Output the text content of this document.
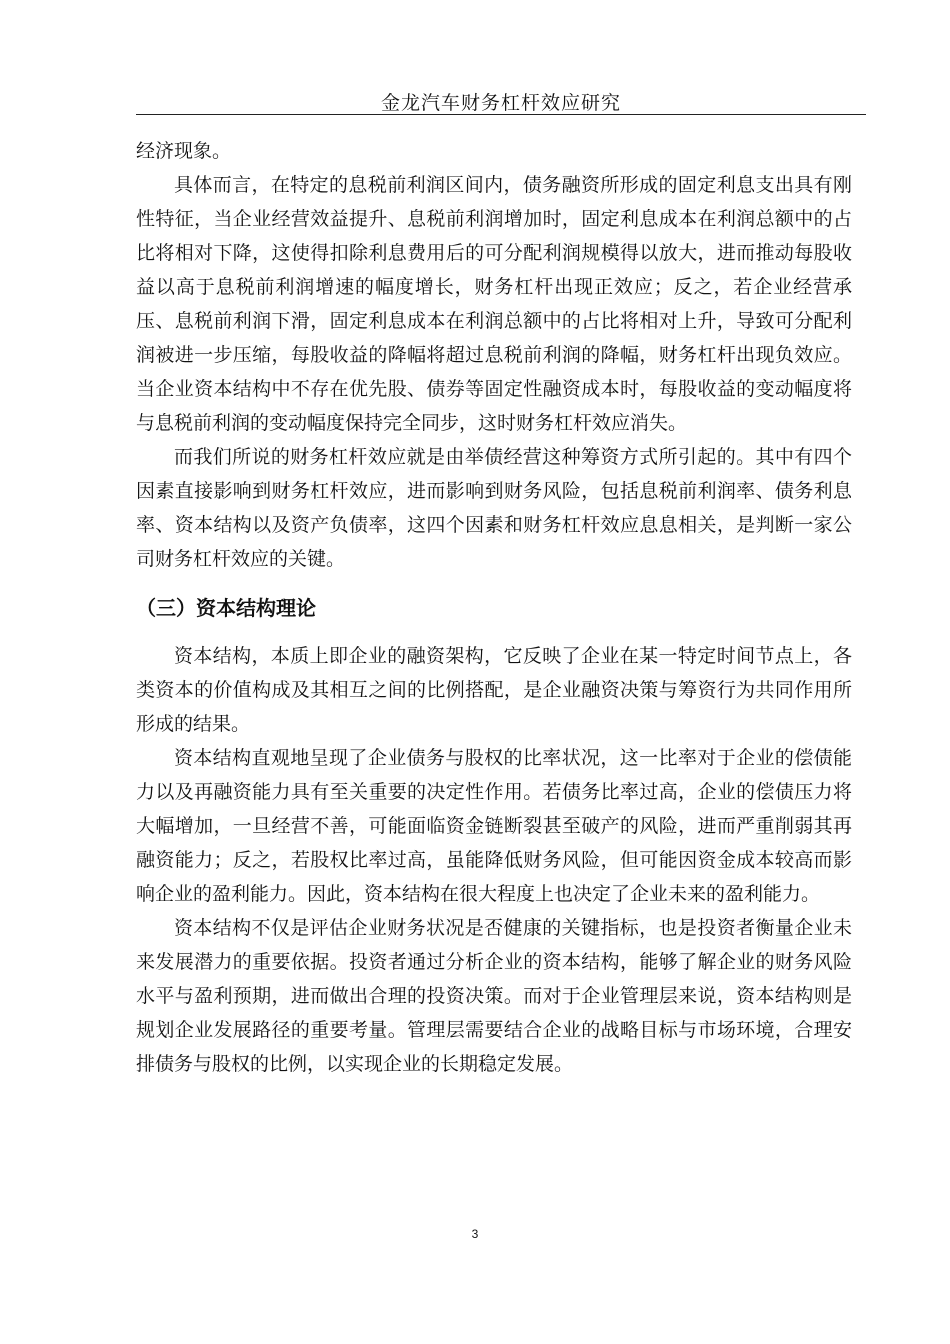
金龙汽车财务杠杆效应研究

经济现象。

具体而言，在特定的息税前利润区间内，债务融资所形成的固定利息支出具有刚性特征，当企业经营效益提升、息税前利润增加时，固定利息成本在利润总额中的占比将相对下降，这使得扣除利息费用后的可分配利润规模得以放大，进而推动每股收益以高于息税前利润增速的幅度增长，财务杠杆出现正效应；反之，若企业经营承压、息税前利润下滑，固定利息成本在利润总额中的占比将相对上升，导致可分配利润被进一步压缩，每股收益的降幅将超过息税前利润的降幅，财务杠杆出现负效应。当企业资本结构中不存在优先股、债券等固定性融资成本时，每股收益的变动幅度将与息税前利润的变动幅度保持完全同步，这时财务杠杆效应消失。

而我们所说的财务杠杆效应就是由举债经营这种筹资方式所引起的。其中有四个因素直接影响到财务杠杆效应，进而影响到财务风险，包括息税前利润率、债务利息率、资本结构以及资产负债率，这四个因素和财务杠杆效应息息相关，是判断一家公司财务杠杆效应的关键。

（三）资本结构理论

资本结构，本质上即企业的融资架构，它反映了企业在某一特定时间节点上，各类资本的价值构成及其相互之间的比例搭配，是企业融资决策与筹资行为共同作用所形成的结果。

资本结构直观地呈现了企业债务与股权的比率状况，这一比率对于企业的偿债能力以及再融资能力具有至关重要的决定性作用。若债务比率过高，企业的偿债压力将大幅增加，一旦经营不善，可能面临资金链断裂甚至破产的风险，进而严重削弱其再融资能力；反之，若股权比率过高，虽能降低财务风险，但可能因资金成本较高而影响企业的盈利能力。因此，资本结构在很大程度上也决定了企业未来的盈利能力。

资本结构不仅是评估企业财务状况是否健康的关键指标，也是投资者衡量企业未来发展潜力的重要依据。投资者通过分析企业的资本结构，能够了解企业的财务风险水平与盈利预期，进而做出合理的投资决策。而对于企业管理层来说，资本结构则是规划企业发展路径的重要考量。管理层需要结合企业的战略目标与市场环境，合理安排债务与股权的比例，以实现企业的长期稳定发展。

3
